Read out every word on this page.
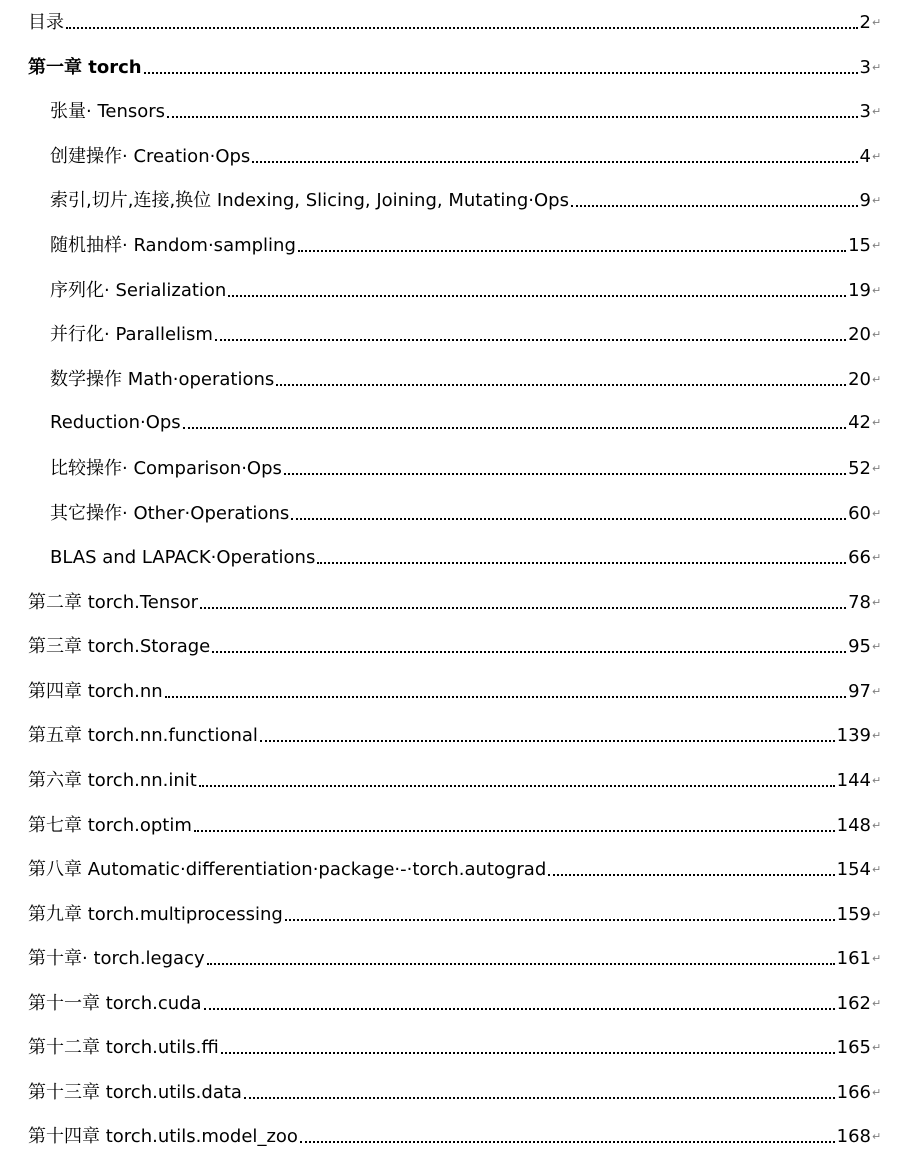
目录	2 ↵
第一章 torch	3 ↵
张量· Tensors	3 ↵
创建操作· Creation·Ops	4 ↵
索引,切片,连接,换位 Indexing, Slicing, Joining, Mutating·Ops	9 ↵
随机抽样· Random·sampling	15 ↵
序列化· Serialization	19 ↵
并行化· Parallelism	20 ↵
数学操作 Math·operations	20 ↵
Reduction·Ops	42 ↵
比较操作· Comparison·Ops	52 ↵
其它操作· Other·Operations	60 ↵
BLAS and LAPACK·Operations	66 ↵
第二章 torch.Tensor	78 ↵
第三章 torch.Storage	95 ↵
第四章 torch.nn	97 ↵
第五章 torch.nn.functional	139 ↵
第六章 torch.nn.init	144 ↵
第七章 torch.optim	148 ↵
第八章 Automatic·differentiation·package·-·torch.autograd	154 ↵
第九章 torch.multiprocessing	159 ↵
第十章· torch.legacy	161 ↵
第十一章 torch.cuda	162 ↵
第十二章 torch.utils.ffi	165 ↵
第十三章 torch.utils.data	166 ↵
第十四章 torch.utils.model_zoo	168 ↵
